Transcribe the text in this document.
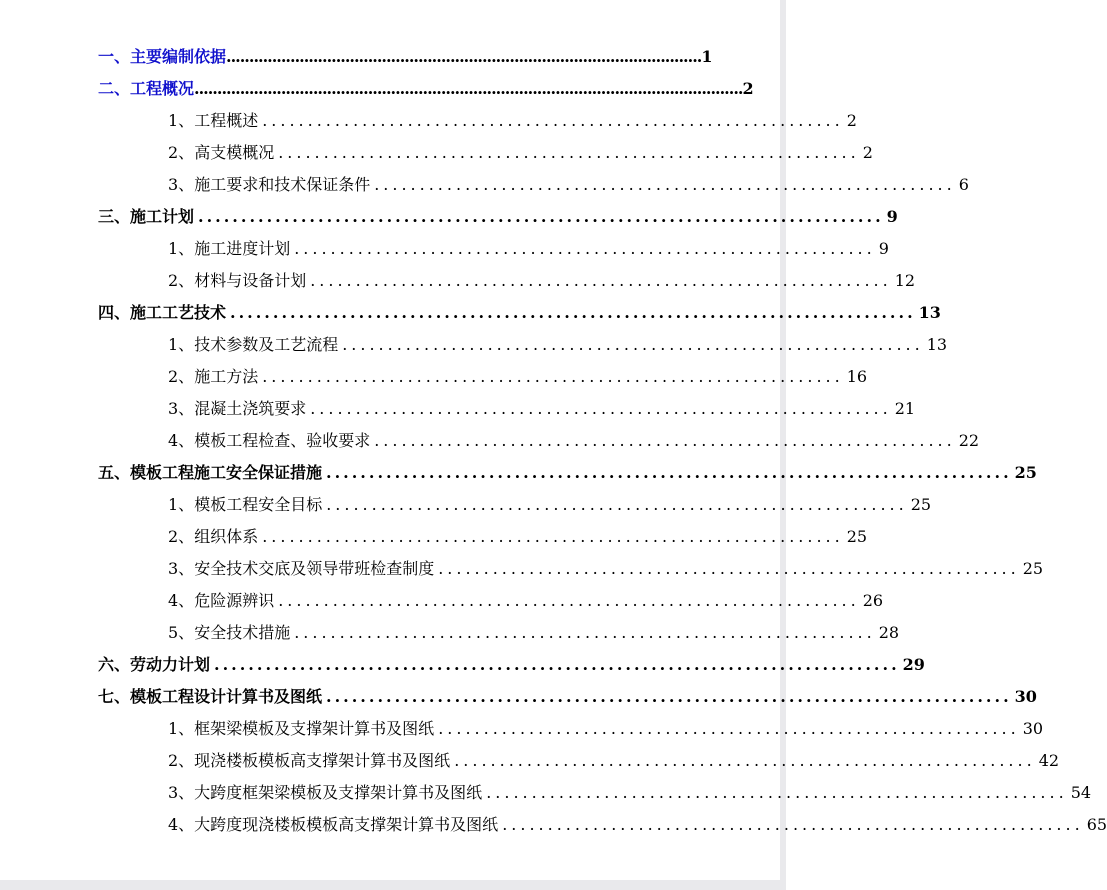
一、主要编制依据 ........................................................................................................ 1
二、工程概况 ........................................................................................................................ 2
1、 工程概述 ................................................................ 2
2、 高支模概况 ................................................................ 2
3、 施工要求和技术保证条件 ................................................................ 6
三、施工计划 ................................................................................ 9
1、 施工进度计划 ................................................................ 9
2、 材料与设备计划 ................................................................ 12
四、施工工艺技术 ................................................................................ 13
1、 技术参数及工艺流程 ................................................................ 13
2、 施工方法 ................................................................ 16
3、 混凝土浇筑要求 ................................................................ 21
4、 模板工程检查、验收要求 ................................................................ 22
五、模板工程施工安全保证措施 ................................................................................ 25
1、 模板工程安全目标 ................................................................ 25
2、 组织体系 ................................................................ 25
3、 安全技术交底及领导带班检查制度 ................................................................ 25
4、 危险源辨识 ................................................................ 26
5、 安全技术措施 ................................................................ 28
六、劳动力计划 ................................................................................ 29
七、模板工程设计计算书及图纸 ................................................................................ 30
1、框架梁模板及支撑架计算书及图纸 ................................................................ 30
2、现浇楼板模板高支撑架计算书及图纸 ................................................................ 42
3、大跨度框架梁模板及支撑架计算书及图纸 ................................................................ 54
4、大跨度现浇楼板模板高支撑架计算书及图纸 ................................................................ 65
